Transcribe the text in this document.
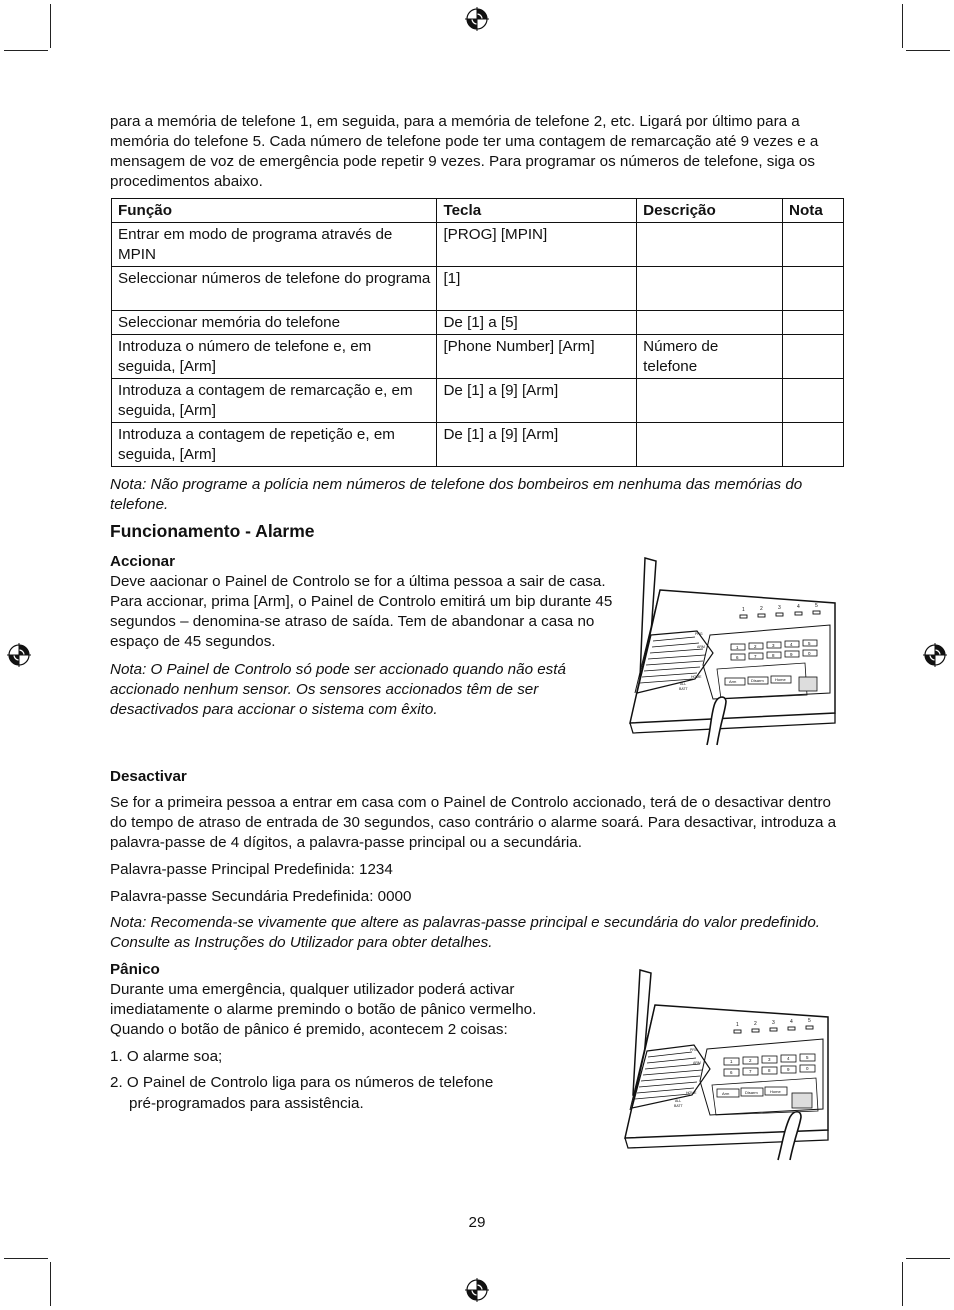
para a memória de telefone 1, em seguida, para a memória de telefone 2, etc. Ligará por último para a memória do telefone 5. Cada número de telefone pode ter uma contagem de remarcação até 9 vezes e a mensagem de voz de emergência pode repetir 9 vezes. Para programar os números de telefone, siga os procedimentos abaixo.

Função	Tecla	Descrição	Nota
Entrar em modo de programa através de MPIN	[PROG] [MPIN]		
Seleccionar números de telefone do programa	[1]		
Seleccionar memória do telefone	De [1] a [5]		
Introduza o número de telefone e, em seguida, [Arm]	[Phone Number] [Arm]	Número de telefone	
Introduza a contagem de remarcação e, em seguida, [Arm]	De [1] a [9] [Arm]		
Introduza a contagem de repetição e, em seguida, [Arm]	De [1] a [9] [Arm]		

Nota: Não programe a polícia nem números de telefone dos bombeiros em nenhuma das memórias do telefone.

Funcionamento - Alarme
Accionar

Deve aacionar o Painel de Controlo se for a última pessoa a sair de casa. Para accionar, prima [Arm], o Painel de Controlo emitirá um bip durante 45 segundos – denomina-se atraso de saída. Tem de abandonar a casa no espaço de 45 segundos.

Nota: O Painel de Controlo só pode ser accionado quando não está accionado nenhum sensor. Os sensores accionados têm de ser desactivados para accionar o sistema com êxito.

1	2	3	4	5
1	2	3	4	5
6	7	8	9	0
Arm	Disarm	Home
PRG
ARM
HOME
ALL
BATT
Desactivar

Se for a primeira pessoa a entrar em casa com o Painel de Controlo accionado, terá de o desactivar dentro do tempo de atraso de entrada de 30 segundos, caso contrário o alarme soará. Para desactivar, introduza a palavra-passe de 4 dígitos, a palavra-passe principal ou a secundária.

Palavra-passe Principal Predefinida: 1234

Palavra-passe Secundária Predefinida: 0000

Nota: Recomenda-se vivamente que altere as palavras-passe principal e secundária do valor predefinido. Consulte as Instruções do Utilizador para obter detalhes.

Pânico

Durante uma emergência, qualquer utilizador poderá activar imediatamente o alarme premindo o botão de pânico vermelho. Quando o botão de pânico é premido, acontecem 2 coisas:

1. O alarme soa;

2. O Painel de Controlo liga para os números de telefone

pré-programados para assistência.

1	2	3	4	5
1	2	3	4	5
6	7	8	9	0
Arm	Disarm	Home
PRG
ARM
HOME
ALL
BATT
29
